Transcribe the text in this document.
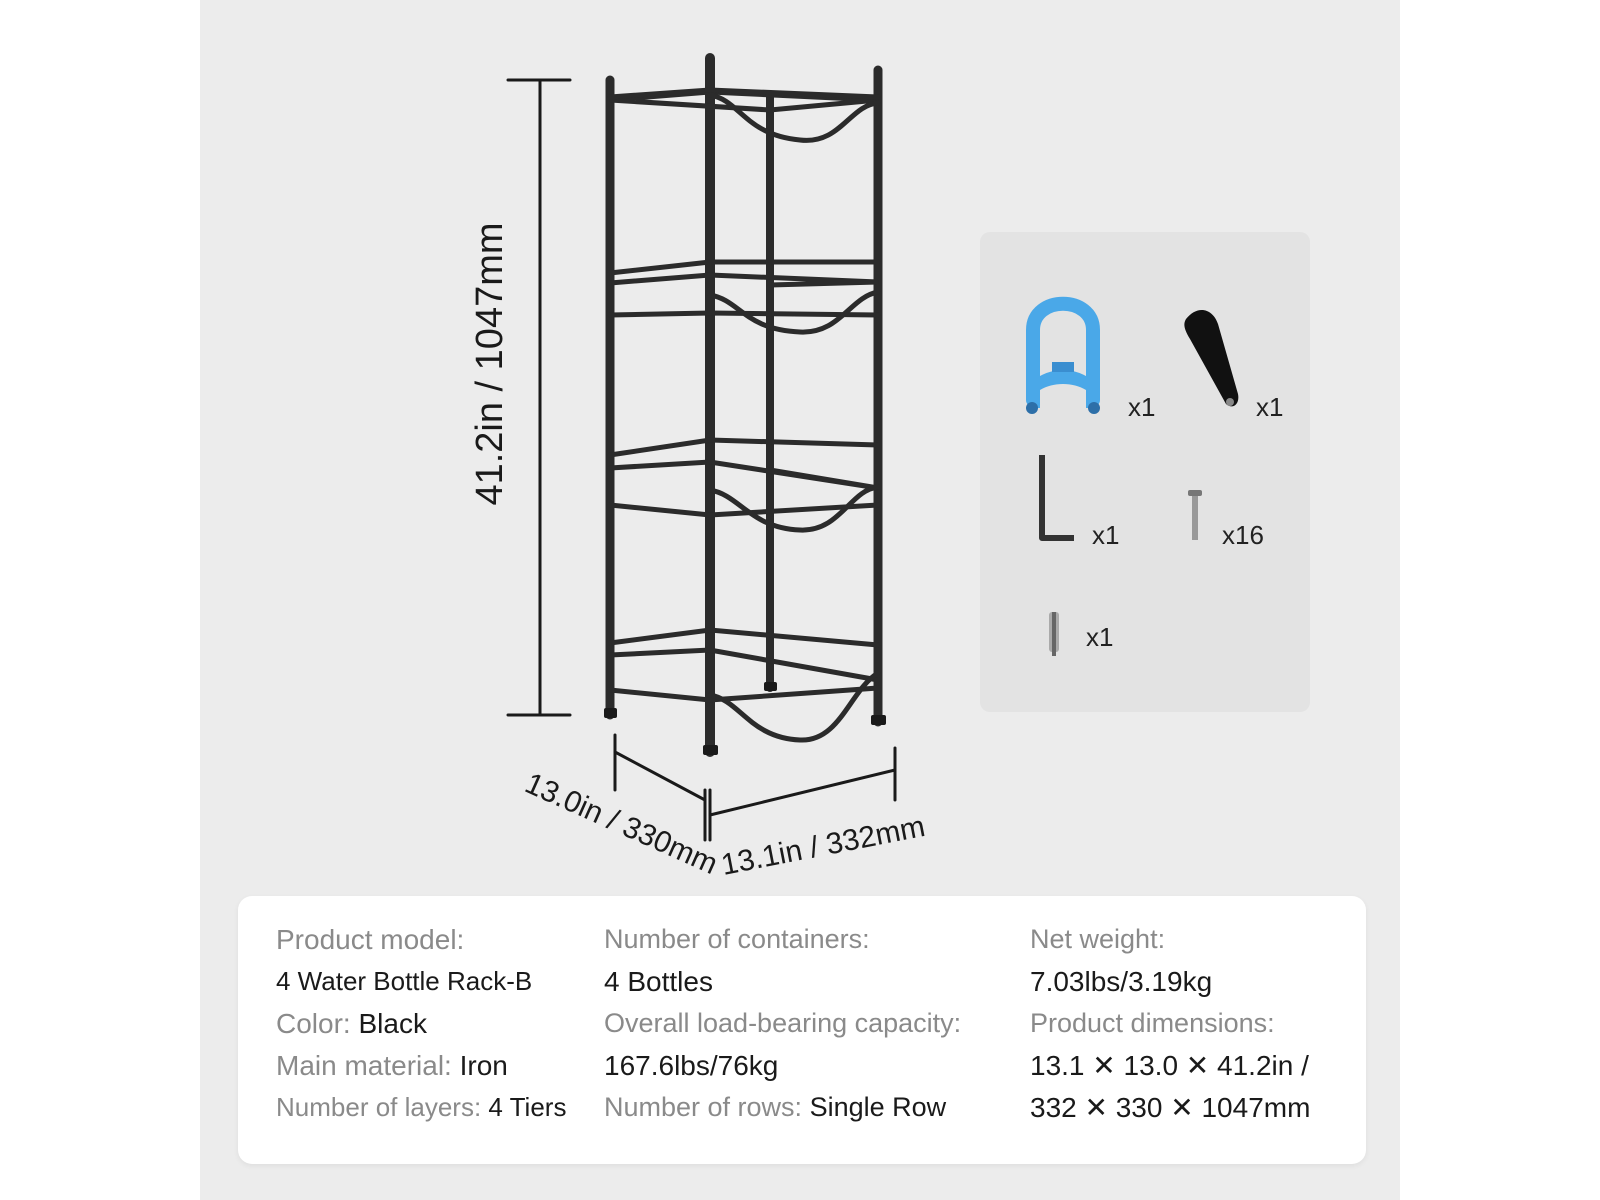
41.2in / 1047mm
13.0in / 330mm
13.1in / 332mm
x1	x1
x1	x16
x1
Product model:
4 Water Bottle Rack-B
Color: Black
Main material: Iron
Number of layers: 4 Tiers
Number of containers:
4 Bottles
Overall load-bearing capacity:
167.6lbs/76kg
Number of rows: Single Row
Net weight:
7.03lbs/3.19kg
Product dimensions:
13.1 ✕ 13.0 ✕ 41.2in /
332 ✕ 330 ✕ 1047mm
